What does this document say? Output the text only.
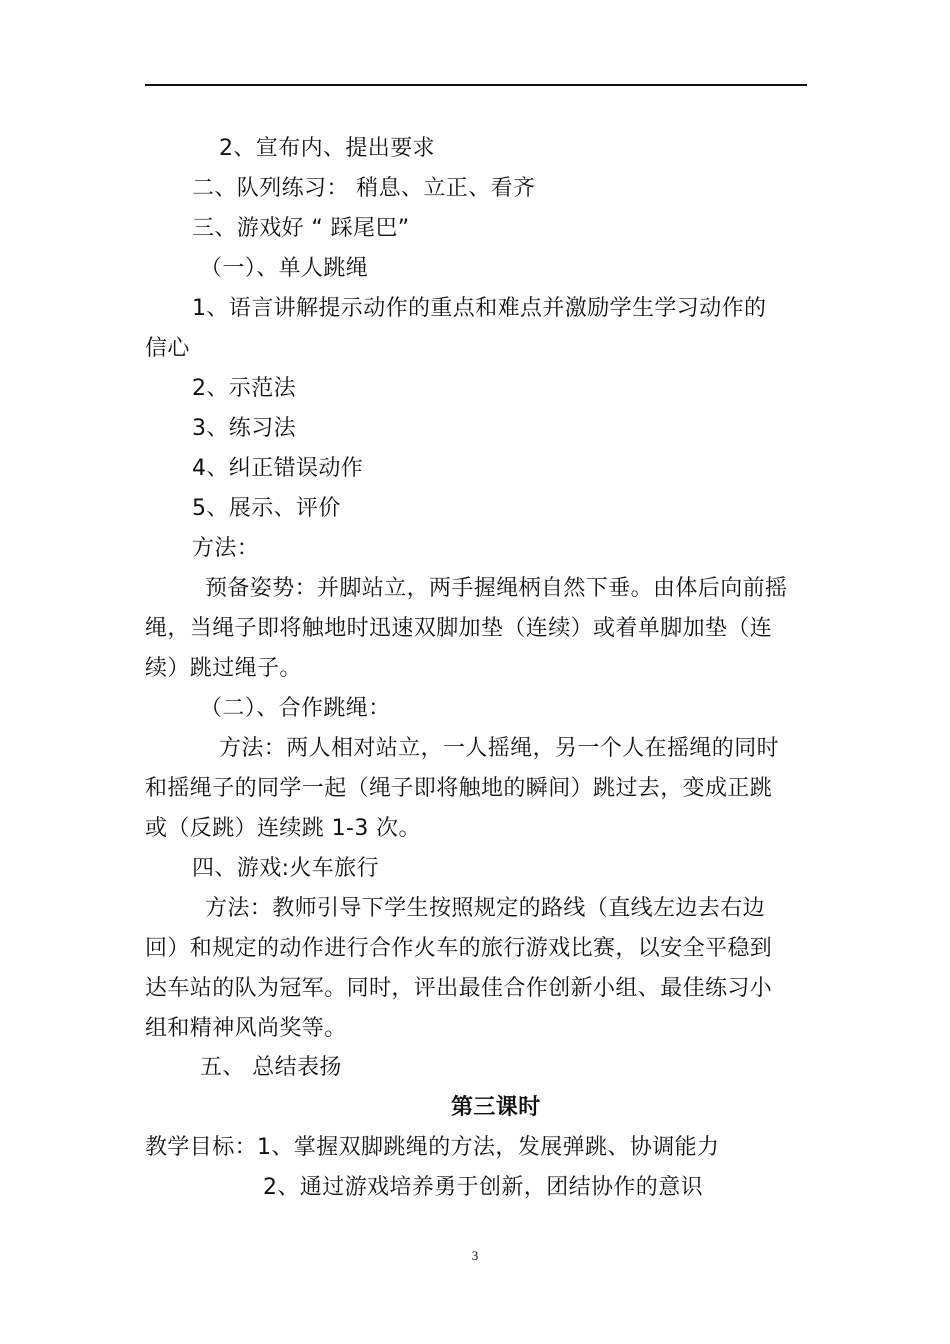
2、宣布内、提出要求
二、队列练习： 稍息、立正、看齐
三、游戏好 “ 踩尾巴”
（一）、单人跳绳
1、语言讲解提示动作的重点和难点并激励学生学习动作的
信心
2、示范法
3、练习法
4、纠正错误动作
5、展示、评价
方法：
预备姿势：并脚站立，两手握绳柄自然下垂。由体后向前摇
绳，当绳子即将触地时迅速双脚加垫（连续）或着单脚加垫（连
续）跳过绳子。
（二）、合作跳绳：
方法：两人相对站立，一人摇绳，另一个人在摇绳的同时
和摇绳子的同学一起（绳子即将触地的瞬间）跳过去，变成正跳
或（反跳）连续跳 1-3 次。
四、游戏:火车旅行
方法：教师引导下学生按照规定的路线（直线左边去右边
回）和规定的动作进行合作火车的旅行游戏比赛，以安全平稳到
达车站的队为冠军。同时，评出最佳合作创新小组、最佳练习小
组和精神风尚奖等。
五、 总结表扬
第三课时
教学目标：1、掌握双脚跳绳的方法，发展弹跳、协调能力
2、通过游戏培养勇于创新，团结协作的意识
3
